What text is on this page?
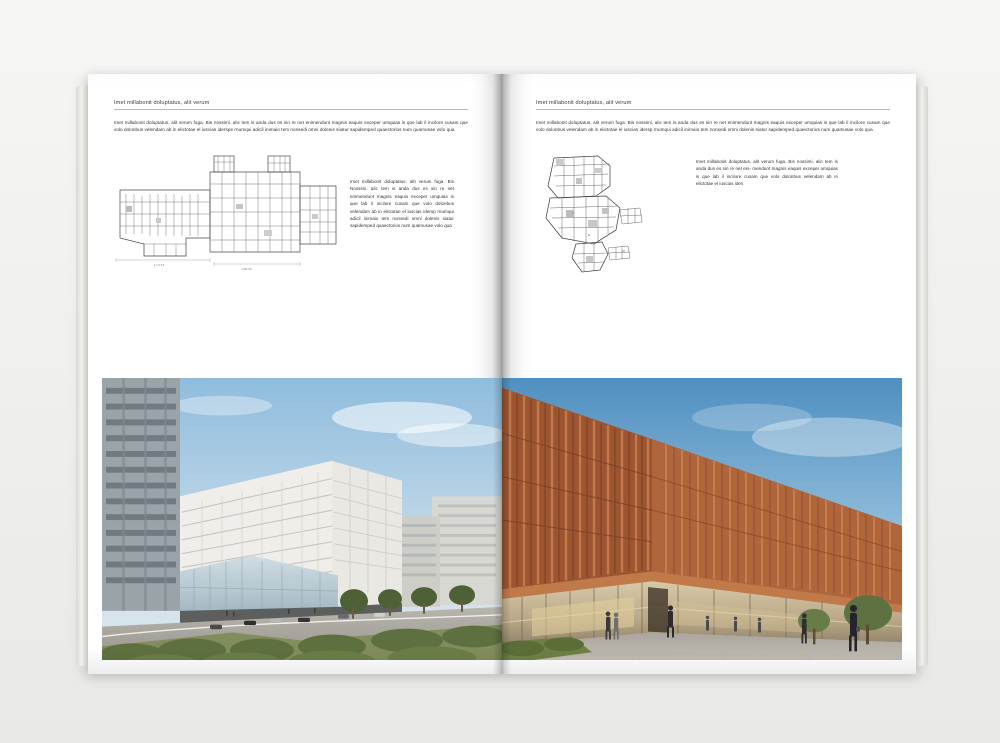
Imet millabonit doluptatus, alit verum
Imet millabonit doluptatus, alit verum fuga. Bis nossimi, alic tem is anda dus es sin re net enimendunt magnis eaquis exceper umquias is que lab il incilore cusam que volo dolonbus velendam ab in elictotae el iuscias iderspe rnumqui adicil inimaio tem nonsedi omni dolenis siiatur sapidemped quaectorios num quamusae volo qua
1 2 3 4 5
0 00' 00''
Imet millabonit doluptatus, alit verum fuga. Bis Nossimi, alic tem is anda dus es sin re net enimendunt magnis eaquis exceper umquias is que lab il incilore cusam que volo dolonbus velendam ab in elictotae el iuscias idersp rnumqui adicil inimaio tem nonsedi omni dolenis siatur sapidemped quaectorios num quamusae volo qua
Imet millabonit doluptatus, alit verum
Imet millabonit doluptatus, alit verum fuga. Bis nossimi, alic tem is anda dus es sin re net enimendunt magnis eaquis exceper umquias is que lab il incilore cusam que volo dolonbus velendam ab in elictotae el iuscias idersp rnumqui adicil inimaio tem nonsedi omni dolenis siatur sapidemped quaectorios num quamusae volo qua
A
B
00
Imet millabonit doluptatus, alit verum fuga. Bis nossimi, alic tem is anda dus es sin re net eni- mendunt magnis eaquis exceper umquias is que lab il incilore cusam que volo dolonbus velendam ab in elictotae el iuscias ides
